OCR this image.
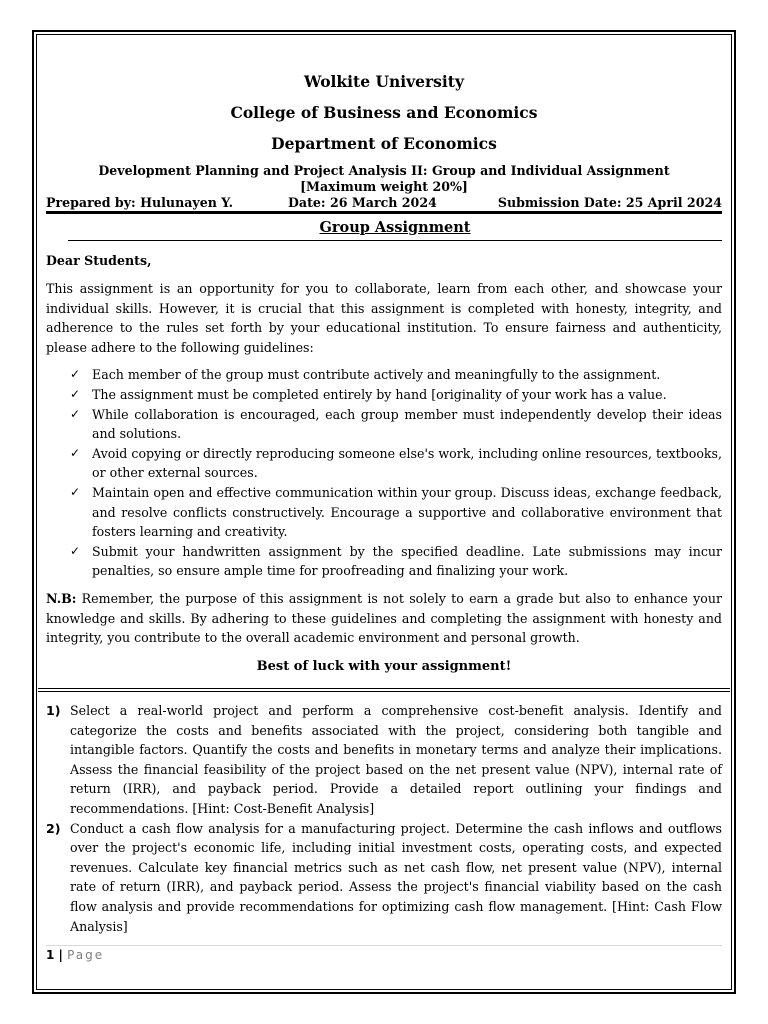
Wolkite University
College of Business and Economics
Department of Economics
Development Planning and Project Analysis II: Group and Individual Assignment
[Maximum weight 20%]
Prepared by: Hulunayen Y.	Date: 26 March 2024	Submission Date: 25 April 2024
Group Assignment
Dear Students,

This assignment is an opportunity for you to collaborate, learn from each other, and showcase your individual skills. However, it is crucial that this assignment is completed with honesty, integrity, and adherence to the rules set forth by your educational institution. To ensure fairness and authenticity, please adhere to the following guidelines:

✓ Each member of the group must contribute actively and meaningfully to the assignment.
✓ The assignment must be completed entirely by hand [originality of your work has a value.
✓ While collaboration is encouraged, each group member must independently develop their ideas and solutions.
✓ Avoid copying or directly reproducing someone else's work, including online resources, textbooks, or other external sources.
✓ Maintain open and effective communication within your group. Discuss ideas, exchange feedback, and resolve conflicts constructively. Encourage a supportive and collaborative environment that fosters learning and creativity.
✓ Submit your handwritten assignment by the specified deadline. Late submissions may incur penalties, so ensure ample time for proofreading and finalizing your work.

N.B: Remember, the purpose of this assignment is not solely to earn a grade but also to enhance your knowledge and skills. By adhering to these guidelines and completing the assignment with honesty and integrity, you contribute to the overall academic environment and personal growth.

Best of luck with your assignment!
1) Select a real-world project and perform a comprehensive cost-benefit analysis. Identify and categorize the costs and benefits associated with the project, considering both tangible and intangible factors. Quantify the costs and benefits in monetary terms and analyze their implications. Assess the financial feasibility of the project based on the net present value (NPV), internal rate of return (IRR), and payback period. Provide a detailed report outlining your findings and recommendations. [Hint: Cost-Benefit Analysis]
2) Conduct a cash flow analysis for a manufacturing project. Determine the cash inflows and outflows over the project's economic life, including initial investment costs, operating costs, and expected revenues. Calculate key financial metrics such as net cash flow, net present value (NPV), internal rate of return (IRR), and payback period. Assess the project's financial viability based on the cash flow analysis and provide recommendations for optimizing cash flow management. [Hint: Cash Flow Analysis]
1 | Page
